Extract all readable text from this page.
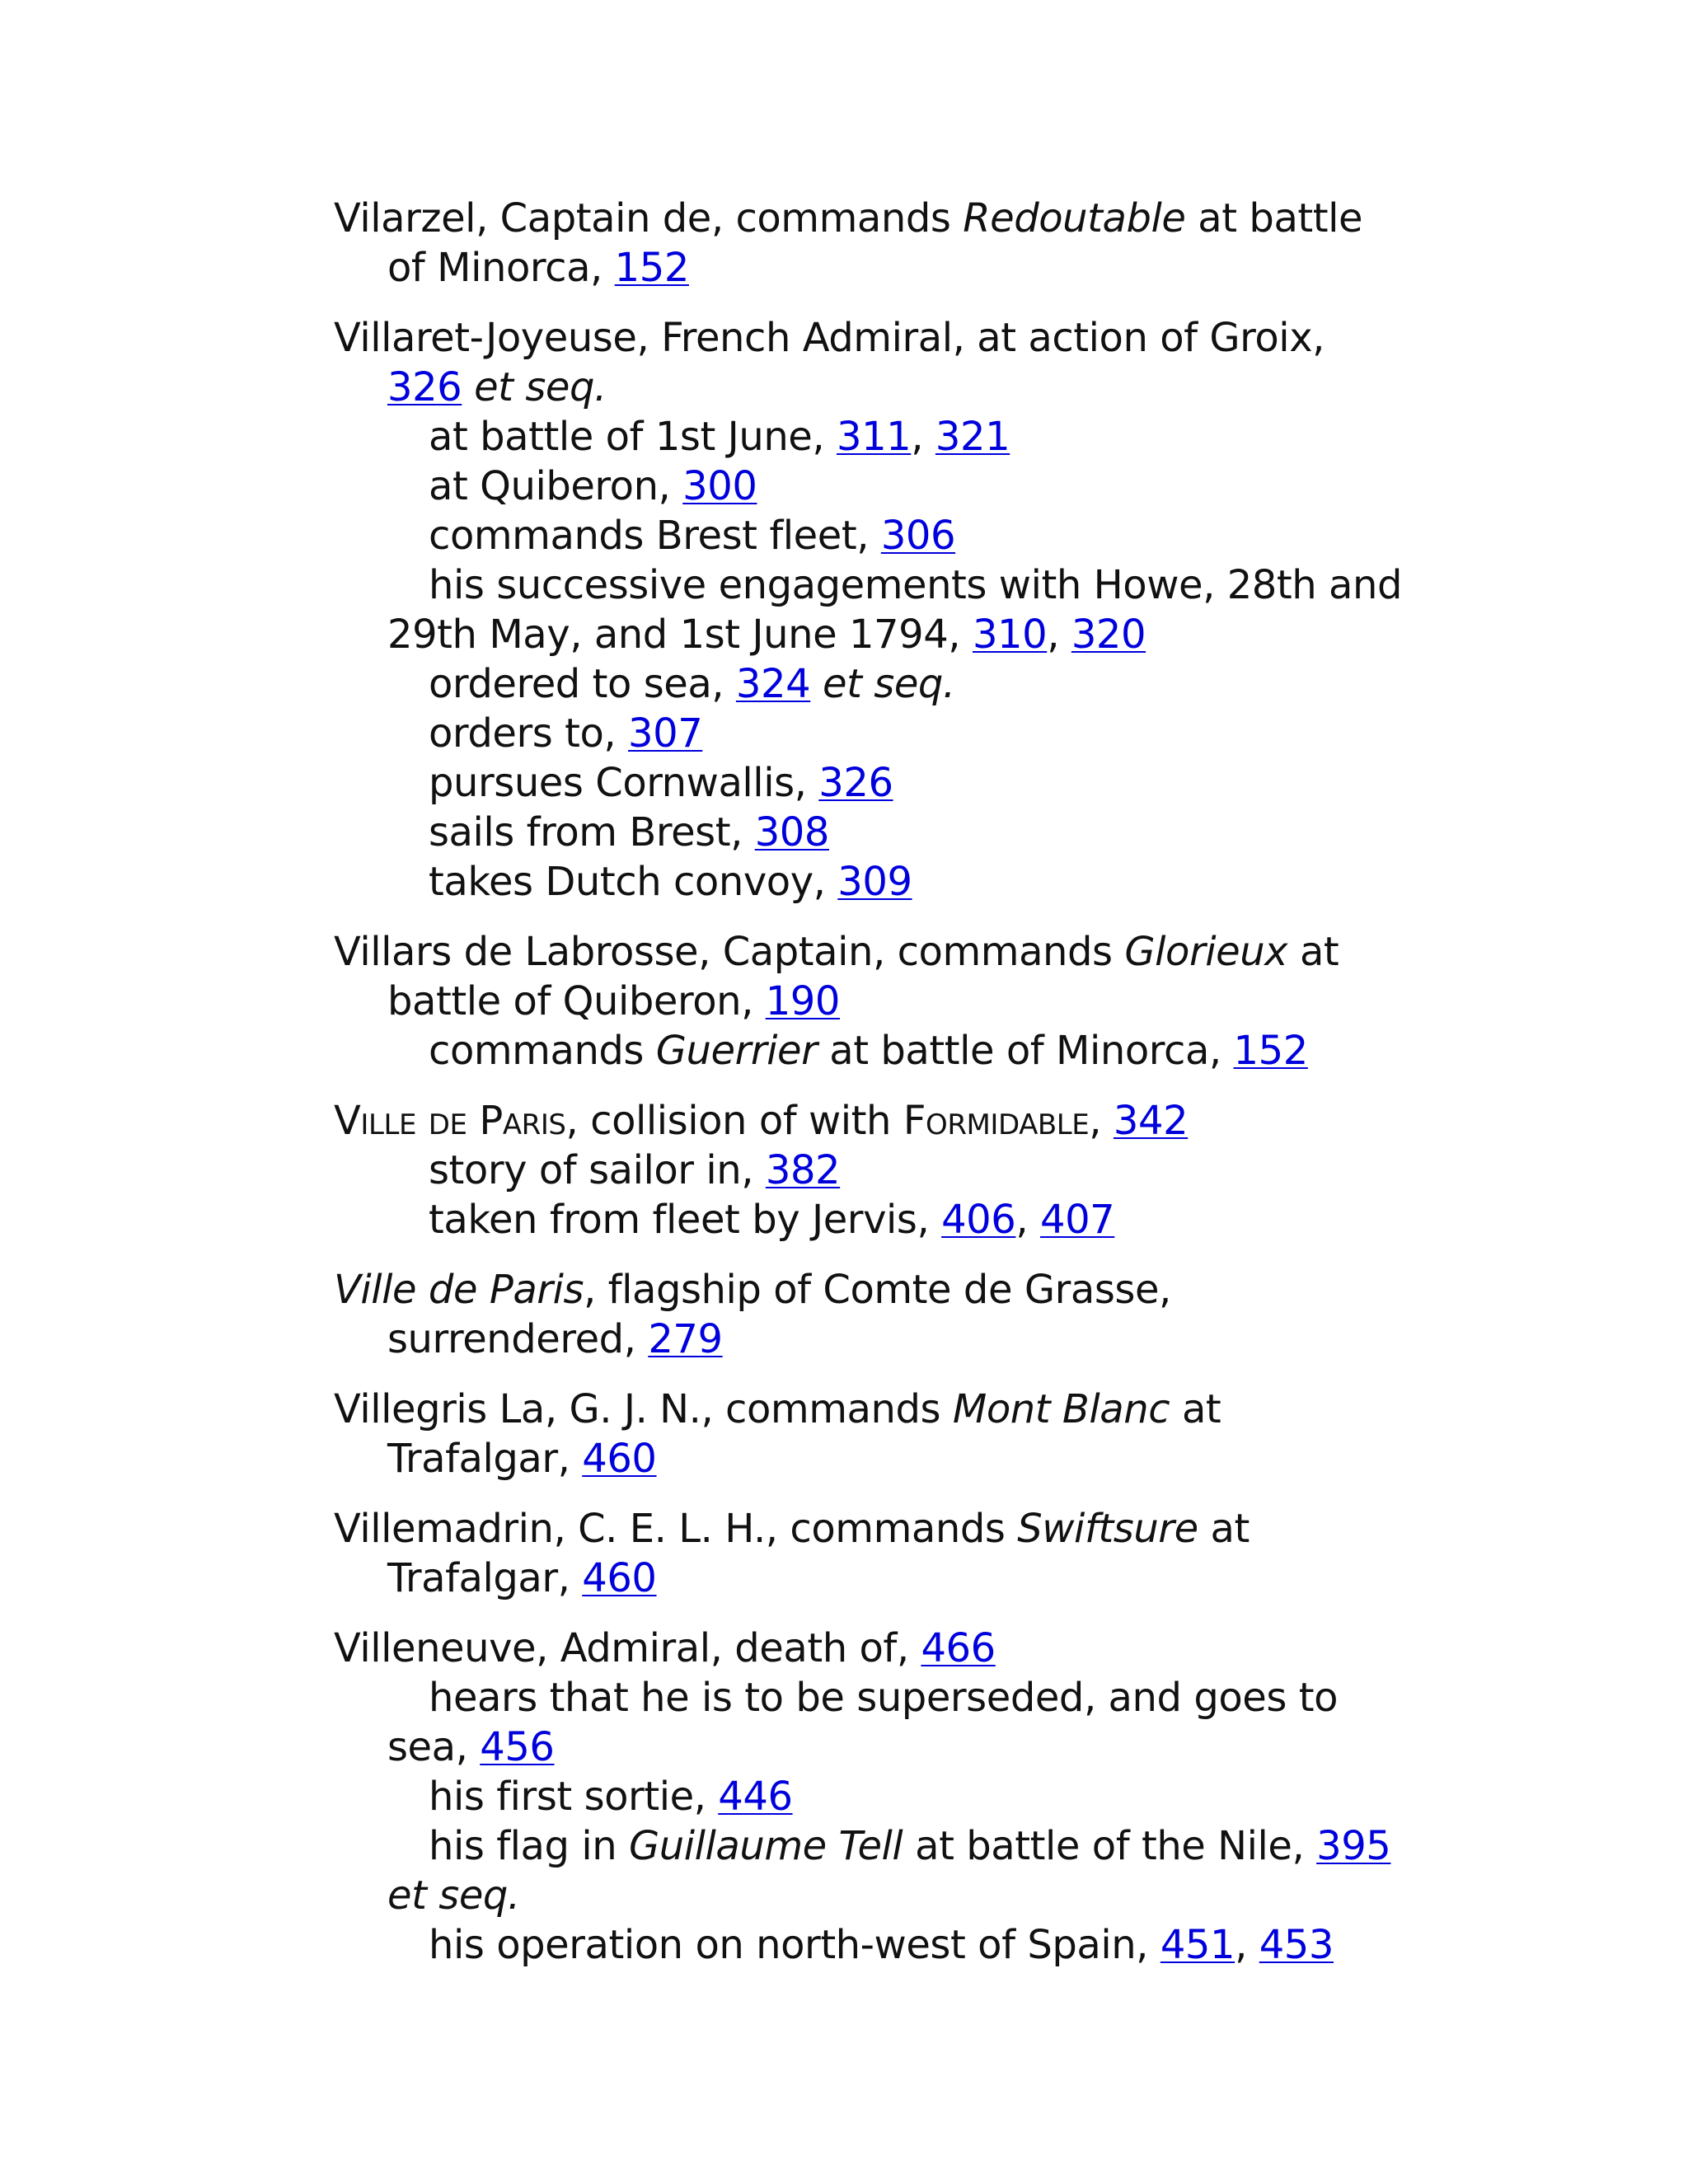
Vilarzel, Captain de, commands Redoutable at battle of Minorca, 152
Villaret-Joyeuse, French Admiral, at action of Groix, 326 et seq.
at battle of 1st June, 311, 321
at Quiberon, 300
commands Brest fleet, 306
his successive engagements with Howe, 28th and 29th May, and 1st June 1794, 310, 320
ordered to sea, 324 et seq.
orders to, 307
pursues Cornwallis, 326
sails from Brest, 308
takes Dutch convoy, 309
Villars de Labrosse, Captain, commands Glorieux at battle of Quiberon, 190
commands Guerrier at battle of Minorca, 152
Ville de Paris, collision of with Formidable, 342
story of sailor in, 382
taken from fleet by Jervis, 406, 407
Ville de Paris, flagship of Comte de Grasse, surrendered, 279
Villegris La, G. J. N., commands Mont Blanc at Trafalgar, 460
Villemadrin, C. E. L. H., commands Swiftsure at Trafalgar, 460
Villeneuve, Admiral, death of, 466
hears that he is to be superseded, and goes to sea, 456
his first sortie, 446
his flag in Guillaume Tell at battle of the Nile, 395 et seq.
his operation on north-west of Spain, 451, 453
